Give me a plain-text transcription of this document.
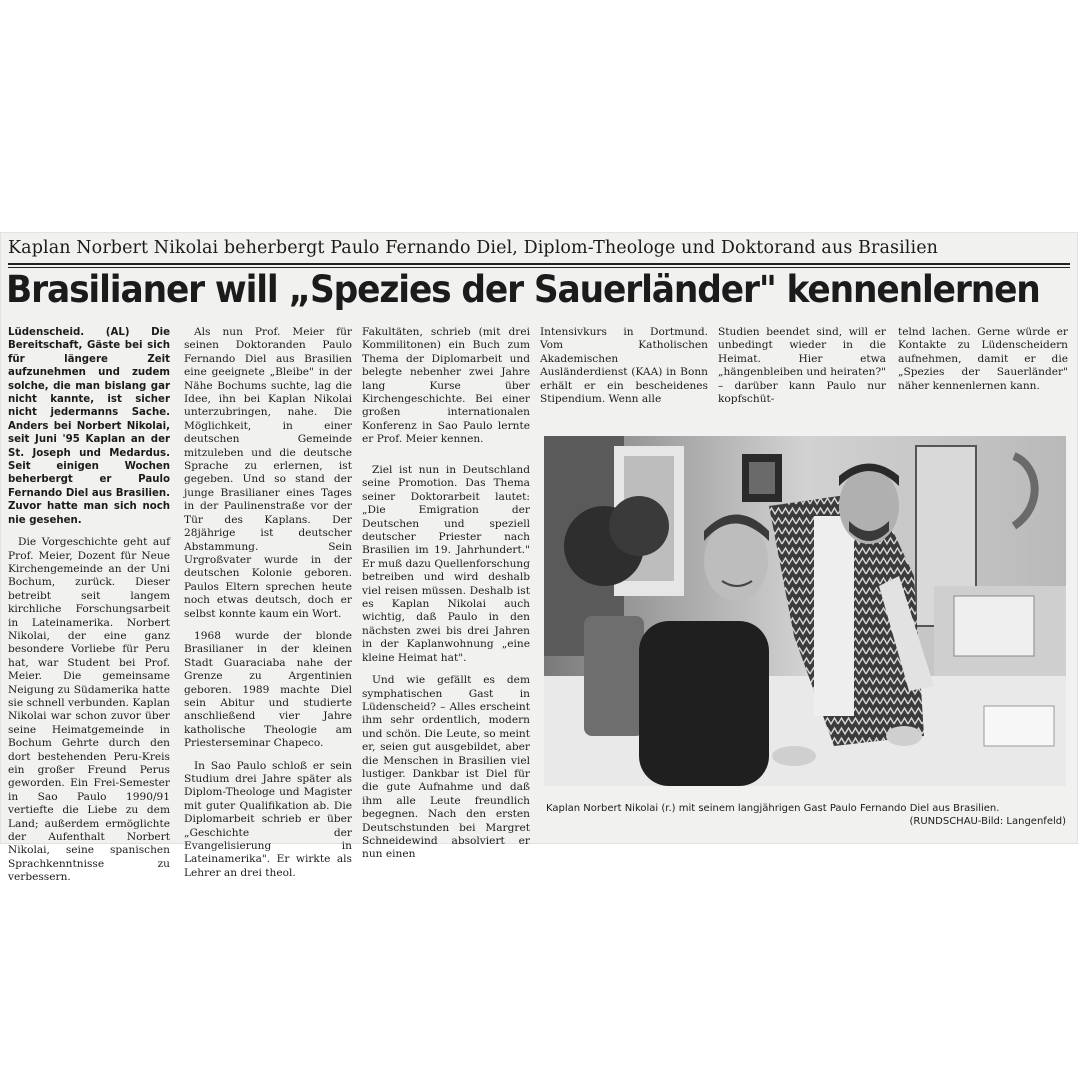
Kaplan Norbert Nikolai beherbergt Paulo Fernando Diel, Diplom-Theologe und Doktorand aus Brasilien
Brasilianer will „Spezies der Sauerländer" kennenlernen

Lüdenscheid. (AL) Die Bereitschaft, Gäste bei sich für längere Zeit aufzunehmen und zudem solche, die man bislang gar nicht kannte, ist sicher nicht jedermanns Sache. Anders bei Norbert Nikolai, seit Juni '95 Kaplan an der St. Joseph und Medardus. Seit einigen Wochen beherbergt er Paulo Fernando Diel aus Brasilien. Zuvor hatte man sich noch nie gesehen.

Die Vorgeschichte geht auf Prof. Meier, Dozent für Neue Kirchengemeinde an der Uni Bochum, zurück. Dieser betreibt seit langem kirchliche Forschungsarbeit in Lateinamerika. Norbert Nikolai, der eine ganz besondere Vorliebe für Peru hat, war Student bei Prof. Meier. Die gemeinsame Neigung zu Südamerika hatte sie schnell verbunden. Kaplan Nikolai war schon zuvor über seine Heimatgemeinde in Bochum Gehrte durch den dort bestehenden Peru-Kreis ein großer Freund Perus geworden. Ein Frei-Semester in Sao Paulo 1990/91 vertiefte die Liebe zu dem Land; außerdem ermöglichte der Aufenthalt Norbert Nikolai, seine spanischen Sprachkenntnisse zu verbessern.

Als nun Prof. Meier für seinen Doktoranden Paulo Fernando Diel aus Brasilien eine geeignete „Bleibe" in der Nähe Bochums suchte, lag die Idee, ihn bei Kaplan Nikolai unterzubringen, nahe. Die Möglichkeit, in einer deutschen Gemeinde mitzuleben und die deutsche Sprache zu erlernen, ist gegeben. Und so stand der junge Brasilianer eines Tages in der Paulinenstraße vor der Tür des Kaplans. Der 28jährige ist deutscher Abstammung. Sein Urgroßvater wurde in der deutschen Kolonie geboren. Paulos Eltern sprechen heute noch etwas deutsch, doch er selbst konnte kaum ein Wort.

1968 wurde der blonde Brasilianer in der kleinen Stadt Guaraciaba nahe der Grenze zu Argentinien geboren. 1989 machte Diel sein Abitur und studierte anschließend vier Jahre katholische Theologie am Priesterseminar Chapeco.

In Sao Paulo schloß er sein Studium drei Jahre später als Diplom-Theologe und Magister mit guter Qualifikation ab. Die Diplomarbeit schrieb er über „Geschichte der Evangelisierung in Lateinamerika". Er wirkte als Lehrer an drei theol.

Fakultäten, schrieb (mit drei Kommilitonen) ein Buch zum Thema der Diplomarbeit und belegte nebenher zwei Jahre lang Kurse über Kirchengeschichte. Bei einer großen internationalen Konferenz in Sao Paulo lernte er Prof. Meier kennen.

Ziel ist nun in Deutschland seine Promotion. Das Thema seiner Doktorarbeit lautet: „Die Emigration der Deutschen und speziell deutscher Priester nach Brasilien im 19. Jahrhundert." Er muß dazu Quellenforschung betreiben und wird deshalb viel reisen müssen. Deshalb ist es Kaplan Nikolai auch wichtig, daß Paulo in den nächsten zwei bis drei Jahren in der Kaplanwohnung „eine kleine Heimat hat".

Und wie gefällt es dem symphatischen Gast in Lüdenscheid? – Alles erscheint ihm sehr ordentlich, modern und schön. Die Leute, so meint er, seien gut ausgebildet, aber die Menschen in Brasilien viel lustiger. Dankbar ist Diel für die gute Aufnahme und daß ihm alle Leute freundlich begegnen. Nach den ersten Deutschstunden bei Margret Schneidewind absolviert er nun einen

Intensivkurs in Dortmund. Vom Katholischen Akademischen Ausländerdienst (KAA) in Bonn erhält er ein bescheidenes Stipendium. Wenn alle

Studien beendet sind, will er unbedingt wieder in die Heimat. Hier etwa „hängenbleiben und heiraten?" – darüber kann Paulo nur kopfschüt-

telnd lachen. Gerne würde er Kontakte zu Lüdenscheidern aufnehmen, damit er die „Spezies der Sauerländer" näher kennenlernen kann.

Kaplan Norbert Nikolai (r.) mit seinem langjährigen Gast Paulo Fernando Diel aus Brasilien.
(RUNDSCHAU-Bild: Langenfeld)
